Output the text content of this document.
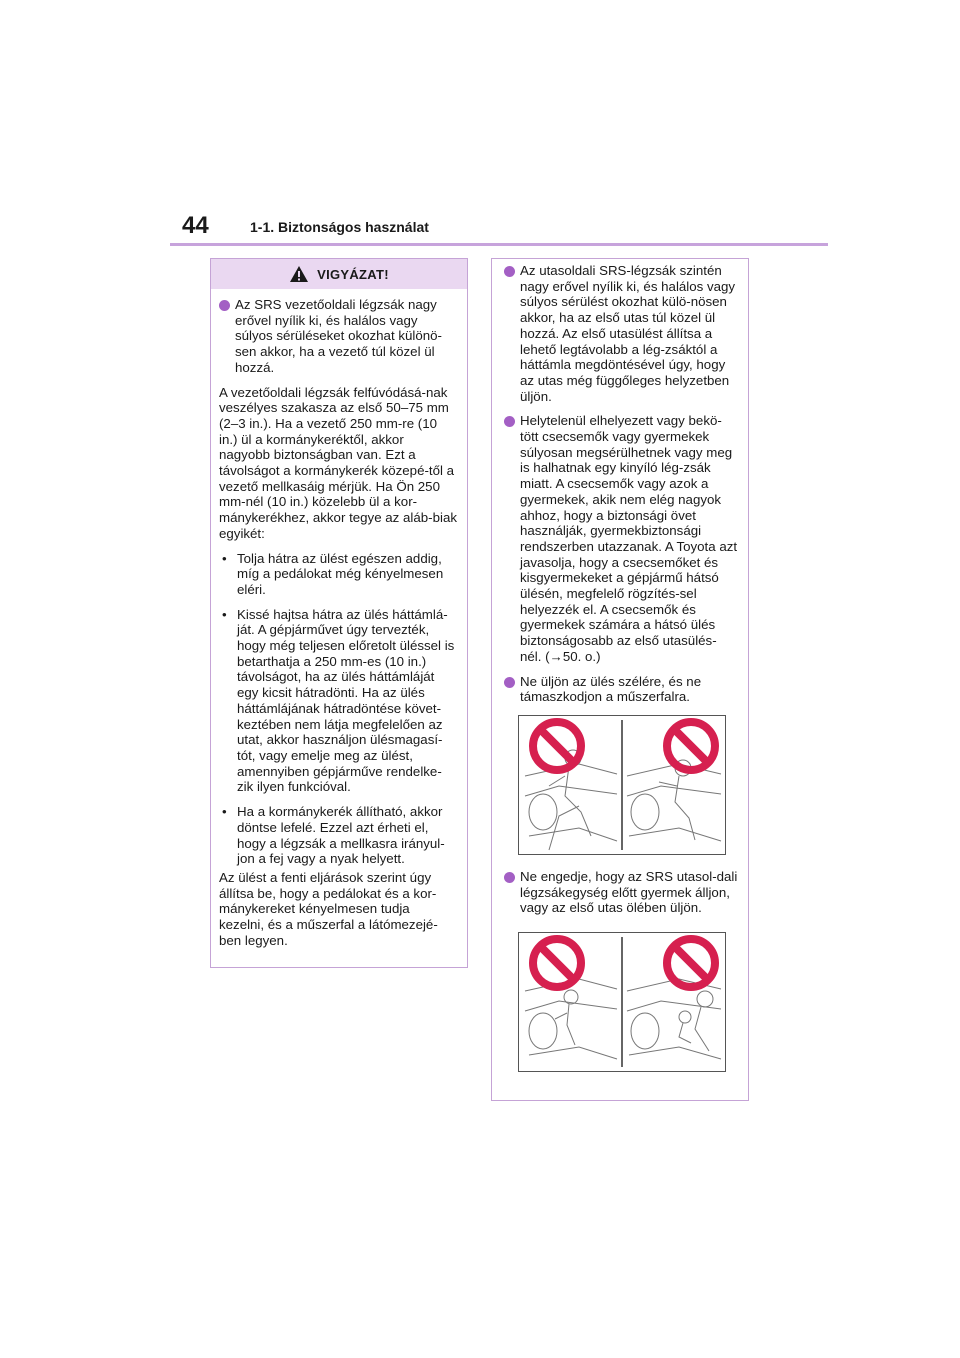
44	1-1. Biztonságos használat
VIGYÁZAT!
Az SRS vezetőoldali légzsák nagy erővel nyílik ki, és halálos vagy súlyos sérüléseket okozhat különö-sen akkor, ha a vezető túl közel ül hozzá.
A vezetőoldali légzsák felfúvódásá-nak veszélyes szakasza az első 50–75 mm (2–3 in.). Ha a vezető 250 mm-re (10 in.) ül a kormánykeréktől, akkor nagyobb biztonságban van. Ezt a távolságot a kormánykerék közepé-től a vezető mellkasáig mérjük. Ha Ön 250 mm-nél (10 in.) közelebb ül a kor-mánykerékhez, akkor tegye az aláb-biak egyikét:
• Tolja hátra az ülést egészen addig, míg a pedálokat még kényelmesen eléri.
• Kissé hajtsa hátra az ülés háttámlá-ját. A gépjárművet úgy tervezték, hogy még teljesen előretolt üléssel is betarthatja a 250 mm-es (10 in.) távolságot, ha az ülés háttámláját egy kicsit hátradönti. Ha az ülés háttámlájának hátradöntése követ-keztében nem látja megfelelően az utat, akkor használjon ülésmagasí-tót, vagy emelje meg az ülést, amennyiben gépjárműve rendelke-zik ilyen funkcióval.
• Ha a kormánykerék állítható, akkor döntse lefelé. Ezzel azt érheti el, hogy a légzsák a mellkasra irányul-jon a fej vagy a nyak helyett.
Az ülést a fenti eljárások szerint úgy állítsa be, hogy a pedálokat és a kor-mánykereket kényelmesen tudja kezelni, és a műszerfal a látómezejé-ben legyen.
Az utasoldali SRS-légzsák szintén nagy erővel nyílik ki, és halálos vagy súlyos sérülést okozhat külö-nösen akkor, ha az első utas túl közel ül hozzá. Az első utasülést állítsa a lehető legtávolabb a lég-zsáktól a háttámla megdöntésével úgy, hogy az utas még függőleges helyzetben üljön.
Helytelenül elhelyezett vagy bekö-tött csecsemők vagy gyermekek súlyosan megsérülhetnek vagy meg is halhatnak egy kinyíló lég-zsák miatt. A csecsemők vagy azok a gyermekek, akik nem elég nagyok ahhoz, hogy a biztonsági övet használják, gyermekbiztonsági rendszerben utazzanak. A Toyota azt javasolja, hogy a csecsemőket és kisgyermekeket a gépjármű hátsó ülésén, megfelelő rögzítés-sel helyezzék el. A csecsemők és gyermekek számára a hátsó ülés biztonságosabb az első utasülés-nél. (→50. o.)
Ne üljön az ülés szélére, és ne támaszkodjon a műszerfalra.
Ne engedje, hogy az SRS utasol-dali légzsákegység előtt gyermek álljon, vagy az első utas ölében üljön.
